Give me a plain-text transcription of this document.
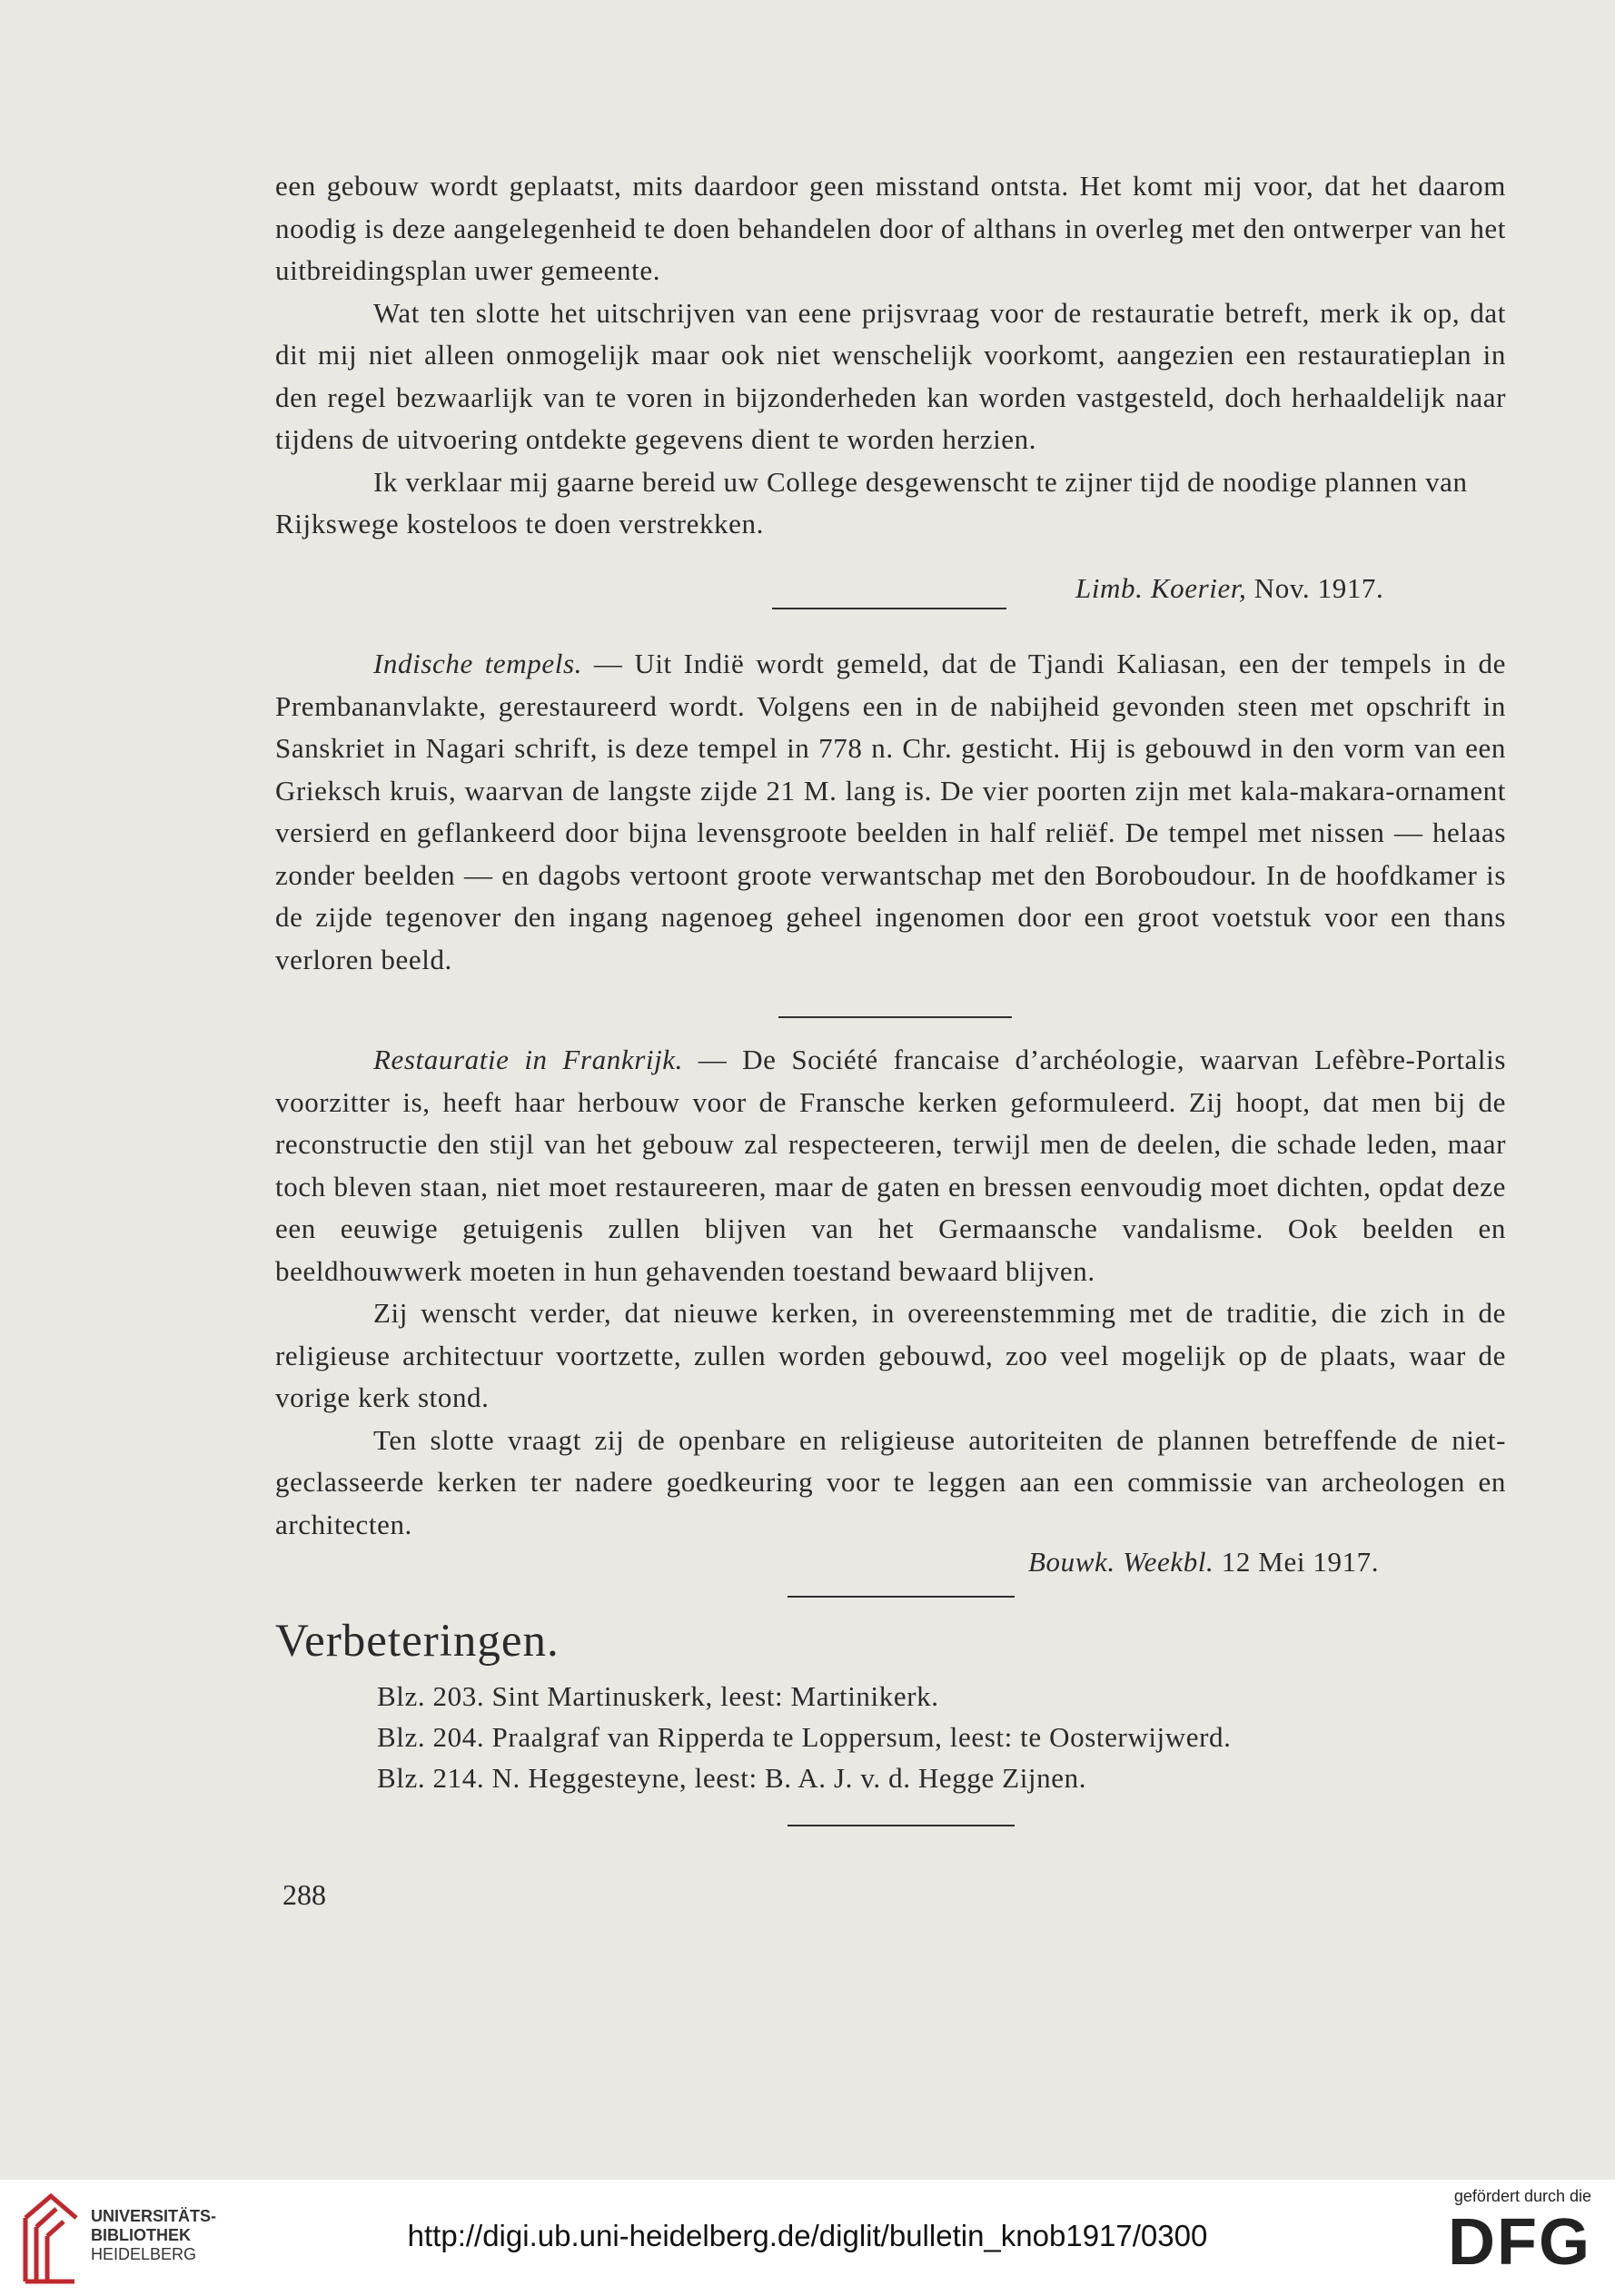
een gebouw wordt geplaatst, mits daardoor geen misstand ontsta. Het komt mij voor, dat het daarom noodig is deze aangelegenheid te doen behandelen door of althans in overleg met den ontwerper van het uitbreidingsplan uwer gemeente.

Wat ten slotte het uitschrijven van eene prijsvraag voor de restauratie betreft, merk ik op, dat dit mij niet alleen onmogelijk maar ook niet wenschelijk voorkomt, aangezien een restauratieplan in den regel bezwaarlijk van te voren in bijzonderheden kan worden vastgesteld, doch herhaaldelijk naar tijdens de uitvoering ontdekte gegevens dient te worden herzien.

Ik verklaar mij gaarne bereid uw College desgewenscht te zijner tijd de noodige plannen van Rijkswege kosteloos te doen verstrekken.

Limb. Koerier, Nov. 1917.

Indische tempels. — Uit Indië wordt gemeld, dat de Tjandi Kaliasan, een der tempels in de Prembananvlakte, gerestaureerd wordt. Volgens een in de nabijheid gevonden steen met opschrift in Sanskriet in Nagari schrift, is deze tempel in 778 n. Chr. gesticht. Hij is gebouwd in den vorm van een Grieksch kruis, waarvan de langste zijde 21 M. lang is. De vier poorten zijn met kala-makara-ornament versierd en geflankeerd door bijna levensgroote beelden in half reliëf. De tempel met nissen — helaas zonder beelden — en dagobs vertoont groote verwantschap met den Boroboudour. In de hoofdkamer is de zijde tegenover den ingang nagenoeg geheel ingenomen door een groot voetstuk voor een thans verloren beeld.

Restauratie in Frankrijk. — De Société francaise d’archéologie, waarvan Lefèbre-Portalis voorzitter is, heeft haar herbouw voor de Fransche kerken geformuleerd. Zij hoopt, dat men bij de reconstructie den stijl van het gebouw zal respecteeren, terwijl men de deelen, die schade leden, maar toch bleven staan, niet moet restaureeren, maar de gaten en bressen eenvoudig moet dichten, opdat deze een eeuwige getuigenis zullen blijven van het Germaansche vandalisme. Ook beelden en beeldhouwwerk moeten in hun gehavenden toestand bewaard blijven.

Zij wenscht verder, dat nieuwe kerken, in overeenstemming met de traditie, die zich in de religieuse architectuur voortzette, zullen worden gebouwd, zoo veel mogelijk op de plaats, waar de vorige kerk stond.

Ten slotte vraagt zij de openbare en religieuse autoriteiten de plannen betreffende de niet-geclasseerde kerken ter nadere goedkeuring voor te leggen aan een commissie van archeologen en architecten.

Bouwk. Weekbl. 12 Mei 1917.
Verbeteringen.

Blz. 203. Sint Martinuskerk, leest: Martinikerk.

Blz. 204. Praalgraf van Ripperda te Loppersum, leest: te Oosterwijwerd.

Blz. 214. N. Heggesteyne, leest: B. A. J. v. d. Hegge Zijnen.

288
UNIVERSITÄTS-
BIBLIOTHEK
HEIDELBERG
http://digi.ub.uni-heidelberg.de/diglit/bulletin_knob1917/0300
gefördert durch die
DFG
